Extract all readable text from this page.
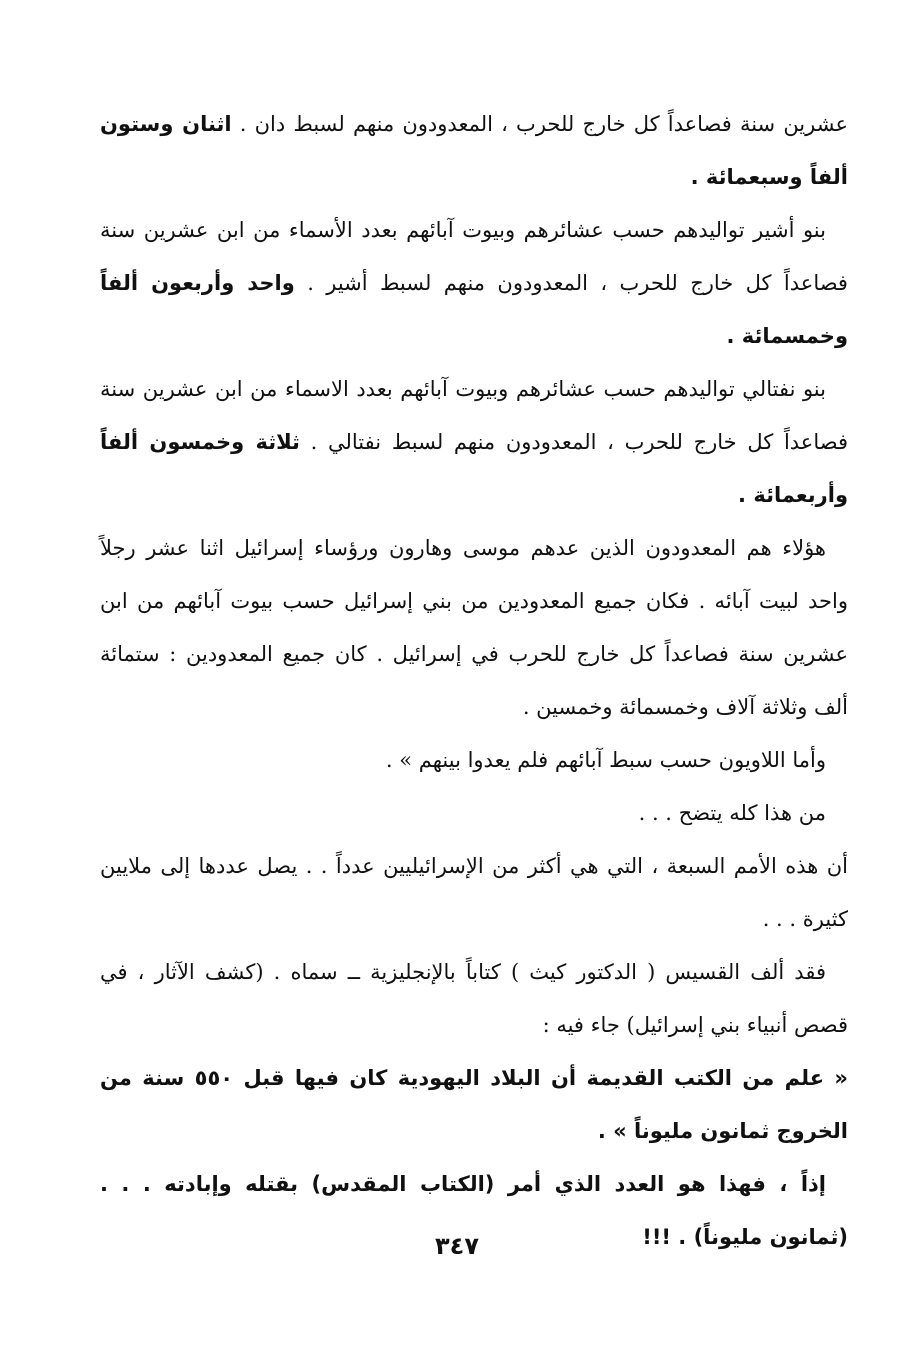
عشرين سنة فصاعداً كل خارج للحرب ، المعدودون منهم لسبط دان . اثنان وستون ألفاً وسبعمائة .

بنو أشير تواليدهم حسب عشائرهم وبيوت آبائهم بعدد الأسماء من ابن عشرين سنة فصاعداً كل خارج للحرب ، المعدودون منهم لسبط أشير . واحد وأربعون ألفاً وخمسمائة .

بنو نفتالي تواليدهم حسب عشائرهم وبيوت آبائهم بعدد الاسماء من ابن عشرين سنة فصاعداً كل خارج للحرب ، المعدودون منهم لسبط نفتالي . ثلاثة وخمسون ألفاً وأربعمائة .

هؤلاء هم المعدودون الذين عدهم موسى وهارون ورؤساء إسرائيل اثنا عشر رجلاً واحد لبيت آبائه . فكان جميع المعدودين من بني إسرائيل حسب بيوت آبائهم من ابن عشرين سنة فصاعداً كل خارج للحرب في إسرائيل . كان جميع المعدودين : ستمائة ألف وثلاثة آلاف وخمسمائة وخمسين .

وأما اللاويون حسب سبط آبائهم فلم يعدوا بينهم » .

من هذا كله يتضح . . .

أن هذه الأمم السبعة ، التي هي أكثر من الإسرائيليين عدداً . . يصل عددها إلى ملايين كثيرة . . .

فقد ألف القسيس ( الدكتور كيث ) كتاباً بالإنجليزية ــ سماه . (كشف الآثار ، في قصص أنبياء بني إسرائيل) جاء فيه :

« علم من الكتب القديمة أن البلاد اليهودية كان فيها قبل ٥٥٠ سنة من الخروج ثمانون مليوناً » .

إذاً ، فهذا هو العدد الذي أمر (الكتاب المقدس) بقتله وإبادته . . . (ثمانون مليوناً) . !!!

٣٤٧
